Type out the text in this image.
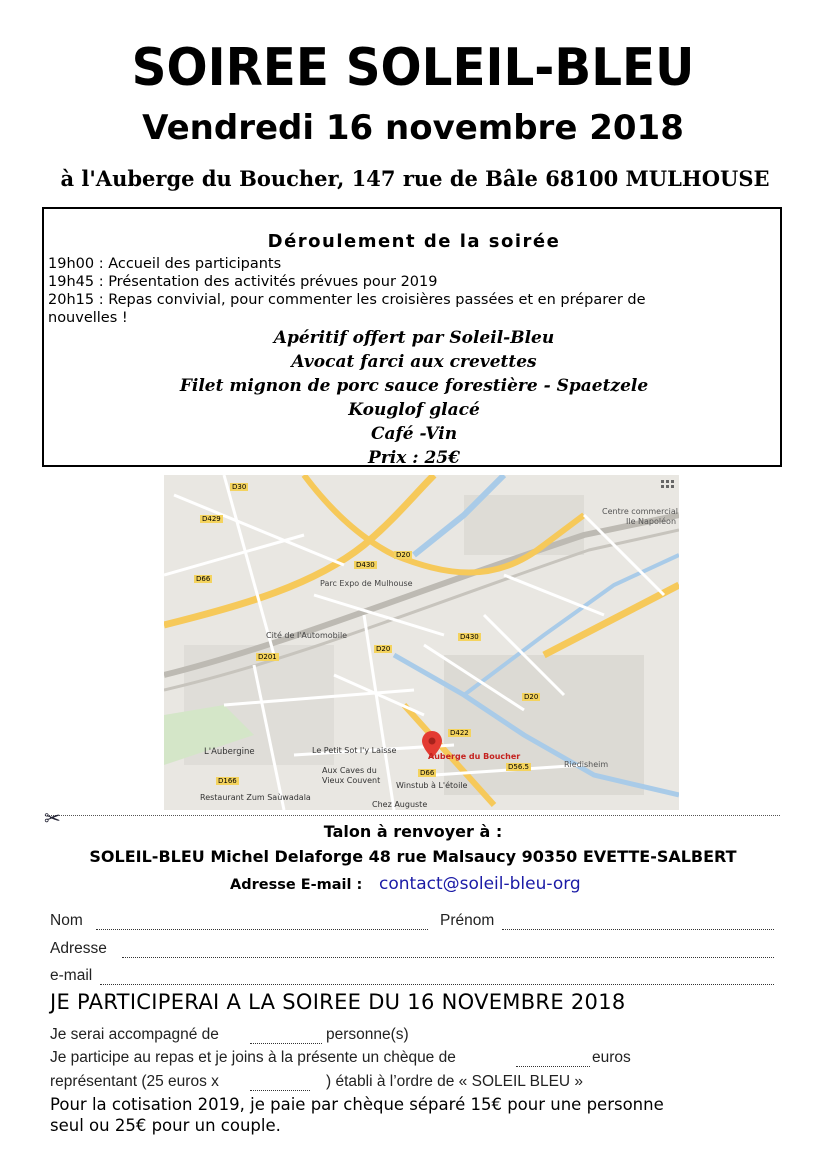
SOIREE SOLEIL-BLEU
Vendredi 16 novembre 2018
à l'Auberge du Boucher, 147 rue de Bâle 68100 MULHOUSE
Déroulement de la soirée
19h00 : Accueil des participants
19h45 : Présentation des activités prévues pour 2019
20h15 : Repas convivial, pour commenter les croisières passées et en préparer de
nouvelles !
Apéritif offert par Soleil-Bleu
Avocat farci aux crevettes
Filet mignon de porc sauce forestière - Spaetzele
Kouglof glacé
Café -Vin
Prix : 25€
Centre commercial
Ile Napoléon
Parc Expo de Mulhouse
Cité de l'Automobile
L'Aubergine	Le Petit Sot l'y Laisse
Aux Caves du
Vieux Couvent
Winstub à L'étoile
Restaurant Zum Saùwadala
Chez Auguste
Riedisheim
Auberge du Boucher
D30
D429
D20
D430
D66
D422
D56.5
D66
D430
D20
D201
D20
D166
✂
Talon à renvoyer à :
SOLEIL-BLEU Michel Delaforge 48 rue Malsaucy 90350 EVETTE-SALBERT
Adresse E-mail : contact@soleil-bleu-org
Nom	Prénom
Adresse
e-mail
JE PARTICIPERAI A LA SOIREE DU 16 NOVEMBRE 2018
Je serai accompagné de	personne(s)
Je participe au repas et je joins à la présente un chèque de	euros
représentant (25 euros x	) établi à l’ordre de « SOLEIL BLEU »
Pour la cotisation 2019, je paie par chèque séparé 15€ pour une personne
seul ou 25€ pour un couple.
